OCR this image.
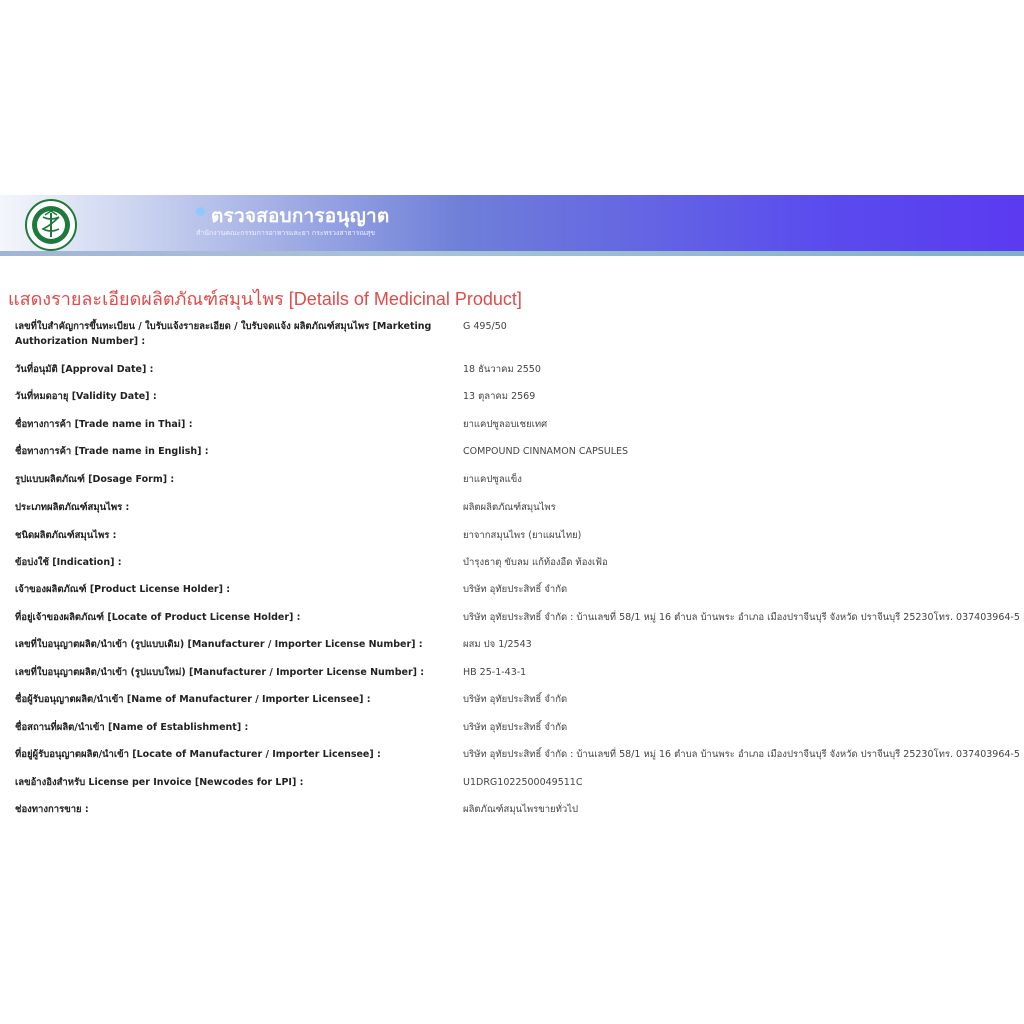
ตรวจสอบการอนุญาต
สำนักงานคณะกรรมการอาหารและยา กระทรวงสาธารณสุข
แสดงรายละเอียดผลิตภัณฑ์สมุนไพร [Details of Medicinal Product]
เลขที่ใบสำคัญการขึ้นทะเบียน / ใบรับแจ้งรายละเอียด / ใบรับจดแจ้ง ผลิตภัณฑ์สมุนไพร [Marketing Authorization Number] :
G 495/50
วันที่อนุมัติ [Approval Date] :	18 ธันวาคม 2550
วันที่หมดอายุ [Validity Date] :	13 ตุลาคม 2569
ชื่อทางการค้า [Trade name in Thai] :	ยาแคปซูลอบเชยเทศ
ชื่อทางการค้า [Trade name in English] :	COMPOUND CINNAMON CAPSULES
รูปแบบผลิตภัณฑ์ [Dosage Form] :	ยาแคปซูลแข็ง
ประเภทผลิตภัณฑ์สมุนไพร :	ผลิตผลิตภัณฑ์สมุนไพร
ชนิดผลิตภัณฑ์สมุนไพร :	ยาจากสมุนไพร (ยาแผนไทย)
ข้อบ่งใช้ [Indication] :	บำรุงธาตุ ขับลม แก้ท้องอืด ท้องเฟ้อ
เจ้าของผลิตภัณฑ์ [Product License Holder] :	บริษัท อุทัยประสิทธิ์ จำกัด
ที่อยู่เจ้าของผลิตภัณฑ์ [Locate of Product License Holder] :	บริษัท อุทัยประสิทธิ์ จำกัด : บ้านเลขที่ 58/1 หมู่ 16 ตำบล บ้านพระ อำเภอ เมืองปราจีนบุรี จังหวัด ปราจีนบุรี 25230โทร. 037403964-5
เลขที่ใบอนุญาตผลิต/นำเข้า (รูปแบบเดิม) [Manufacturer / Importer License Number] :	ผสม ปจ 1/2543
เลขที่ใบอนุญาตผลิต/นำเข้า (รูปแบบใหม่) [Manufacturer / Importer License Number] :	HB 25-1-43-1
ชื่อผู้รับอนุญาตผลิต/นำเข้า [Name of Manufacturer / Importer Licensee] :	บริษัท อุทัยประสิทธิ์ จำกัด
ชื่อสถานที่ผลิต/นำเข้า [Name of Establishment] :	บริษัท อุทัยประสิทธิ์ จำกัด
ที่อยู่ผู้รับอนุญาตผลิต/นำเข้า [Locate of Manufacturer / Importer Licensee] :	บริษัท อุทัยประสิทธิ์ จำกัด : บ้านเลขที่ 58/1 หมู่ 16 ตำบล บ้านพระ อำเภอ เมืองปราจีนบุรี จังหวัด ปราจีนบุรี 25230โทร. 037403964-5
เลขอ้างอิงสำหรับ License per Invoice [Newcodes for LPI] :	U1DRG1022500049511C
ช่องทางการขาย :	ผลิตภัณฑ์สมุนไพรขายทั่วไป
